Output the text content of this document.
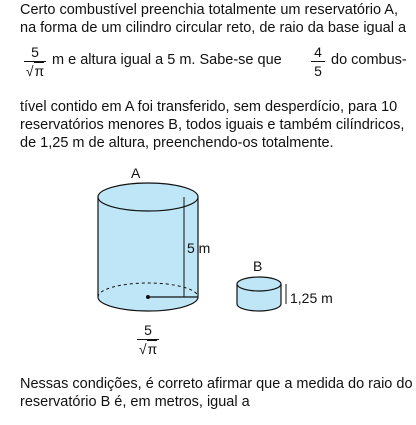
Certo combustível preenchia totalmente um reservatório A,
na forma de um cilindro circular reto, de raio da base igual a
5
√π
m e altura igual a 5 m. Sabe-se que 4
5
do combus-
tível contido em A foi transferido, sem desperdício, para 10
reservatórios menores B, todos iguais e também cilíndricos,
de 1,25 m de altura, preenchendo-os totalmente.
A
5 m
B
1,25 m
5
√π
Nessas condições, é correto afirmar que a medida do raio do
reservatório B é, em metros, igual a
